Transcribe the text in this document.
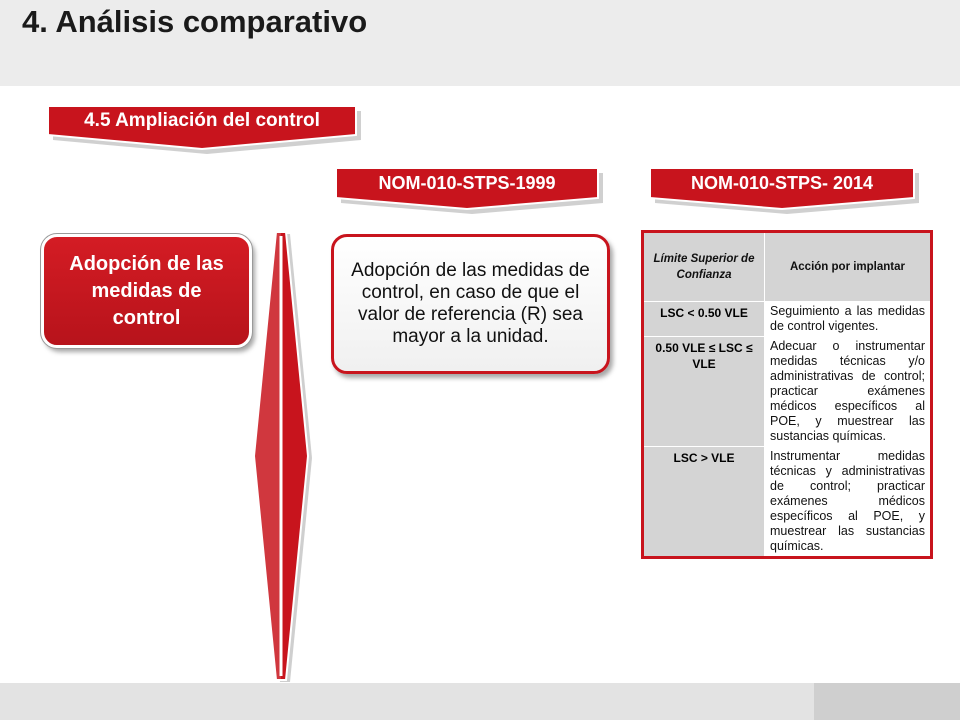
4. Análisis comparativo
4.5 Ampliación del control
NOM-010-STPS-1999	NOM-010-STPS- 2014
Adopción de las medidas de control
Adopción de las medidas de control, en caso de que el valor de referencia (R) sea mayor a la unidad.
Límite Superior de Confianza	Acción por implantar
LSC < 0.50 VLE	Seguimiento a las medidas de control vigentes.
0.50 VLE ≤ LSC ≤ VLE	Adecuar o instrumentar medidas técnicas y/o administrativas de control; practicar exámenes médicos específicos al POE, y muestrear las sustancias químicas.
LSC > VLE	Instrumentar medidas técnicas y administrativas de control; practicar exámenes médicos específicos al POE, y muestrear las sustancias químicas.
